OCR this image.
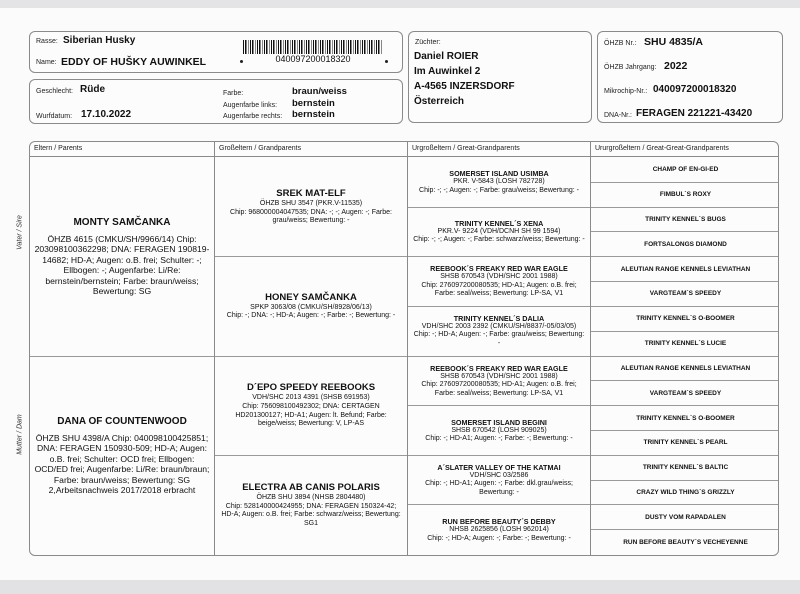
Rasse: Siberian Husky
Name: EDDY OF HUŠKY AUWINKEL	040097200018320
Geschlecht: Rüde
Wurfdatum: 17.10.2022
Farbe:	braun/weiss
Augenfarbe links: bernstein
Augenfarbe rechts: bernstein
Züchter:
Daniel ROIER
Im Auwinkel 2
A-4565 INZERSDORF
Österreich
ÖHZB Nr.: SHU 4835/A
ÖHZB Jahrgang: 2022
Mikrochip-Nr.: 040097200018320
DNA-Nr.: FERAGEN 221221-43420
Vater / Sire
Mutter / Dam
Eltern / Parents
MONTY SAMČANKA
ÖHZB 4615 (CMKU/SH/9966/14) Chip: 203098100362298; DNA: FERAGEN 190819-14682; HD-A; Augen: o.B. frei; Schulter: -; Ellbogen: -; Augenfarbe: Li/Re: bernstein/bernstein; Farbe: braun/weiss; Bewertung: SG
DANA OF COUNTENWOOD
ÖHZB SHU 4398/A Chip: 040098100425851; DNA: FERAGEN 150930-509; HD-A; Augen: o.B. frei; Schulter: OCD frei; Ellbogen: OCD/ED frei; Augenfarbe: Li/Re: braun/braun; Farbe: braun/weiss; Bewertung: SG 2,Arbeitsnachweis 2017/2018 erbracht
Großeltern / Grandparents
SREK MAT-ELF
ÖHZB SHU 3547 (PKR.V-11535)
Chip: 968000004047535; DNA: -; -; Augen: -; Farbe: grau/weiss; Bewertung: -
HONEY SAMČANKA
SPKP 3063/08 (CMKU/SH/8928/06/13)
Chip: -; DNA: -; HD-A; Augen: -; Farbe: -; Bewertung: -
D´EPO SPEEDY REEBOOKS
VDH/SHC 2013 4391 (SHSB 691953)
Chip: 756098100492302; DNA: CERTAGEN HD201300127; HD-A1; Augen: lt. Befund; Farbe: beige/weiss; Bewertung: V, LP-AS
ELECTRA AB CANIS POLARIS
ÖHZB SHU 3894 (NHSB 2804480)
Chip: 528140000424955; DNA: FERAGEN 150324-42; HD-A; Augen: o.B. frei; Farbe: schwarz/weiss; Bewertung: SG1
Urgroßeltern / Great-Grandparents
SOMERSET ISLAND USIMBA
PKR. V-5843 (LOSH 782728)
Chip: -; -; Augen: -; Farbe: grau/weiss; Bewertung: -
TRINITY KENNEL´S XENA
PKR.V- 9224 (VDH/DCNH SH 99 1594)
Chip: -; -; Augen: -; Farbe: schwarz/weiss; Bewertung: -
REEBOOK´S FREAKY RED WAR EAGLE
SHSB 670543 (VDH/SHC 2001 1988)
Chip: 276097200080535; HD-A1; Augen: o.B. frei; Farbe: seal/weiss; Bewertung: LP-SA, V1
TRINITY KENNEL´S DALIA
VDH/SHC 2003 2392 (CMKU/SH/8837/-05/03/05)
Chip: -; HD-A; Augen: -; Farbe: grau/weiss; Bewertung: -
REEBOOK´S FREAKY RED WAR EAGLE
SHSB 670543 (VDH/SHC 2001 1988)
Chip: 276097200080535; HD-A1; Augen: o.B. frei; Farbe: seal/weiss; Bewertung: LP-SA, V1
SOMERSET ISLAND BEGINI
SHSB 670542 (LOSH 909025)
Chip: -; HD-A1; Augen: -; Farbe: -; Bewertung: -
A´SLATER VALLEY OF THE KATMAI
VDH/SHC 03/2586
Chip: -; HD-A1; Augen: -; Farbe: dkl.grau/weiss; Bewertung: -
RUN BEFORE BEAUTY´S DEBBY
NHSB 2625856 (LOSH 962014)
Chip: -; HD-A; Augen: -; Farbe: -; Bewertung: -
Ururgroßeltern / Great-Great-Grandparents
CHAMP OF EN-GI-ED
FIMBUL´S ROXY
TRINITY KENNEL´S BUGS
FORTSALONGS DIAMOND
ALEUTIAN RANGE KENNELS LEVIATHAN
VARGTEAM´S SPEEDY
TRINITY KENNEL´S O-BOOMER
TRINITY KENNEL´S LUCIE
ALEUTIAN RANGE KENNELS LEVIATHAN
VARGTEAM´S SPEEDY
TRINITY KENNEL´S O-BOOMER
TRINITY KENNEL´S PEARL
TRINITY KENNEL´S BALTIC
CRAZY WILD THING´S GRIZZLY
DUSTY VOM RAPADALEN
RUN BEFORE BEAUTY´S VECHEYENNE
